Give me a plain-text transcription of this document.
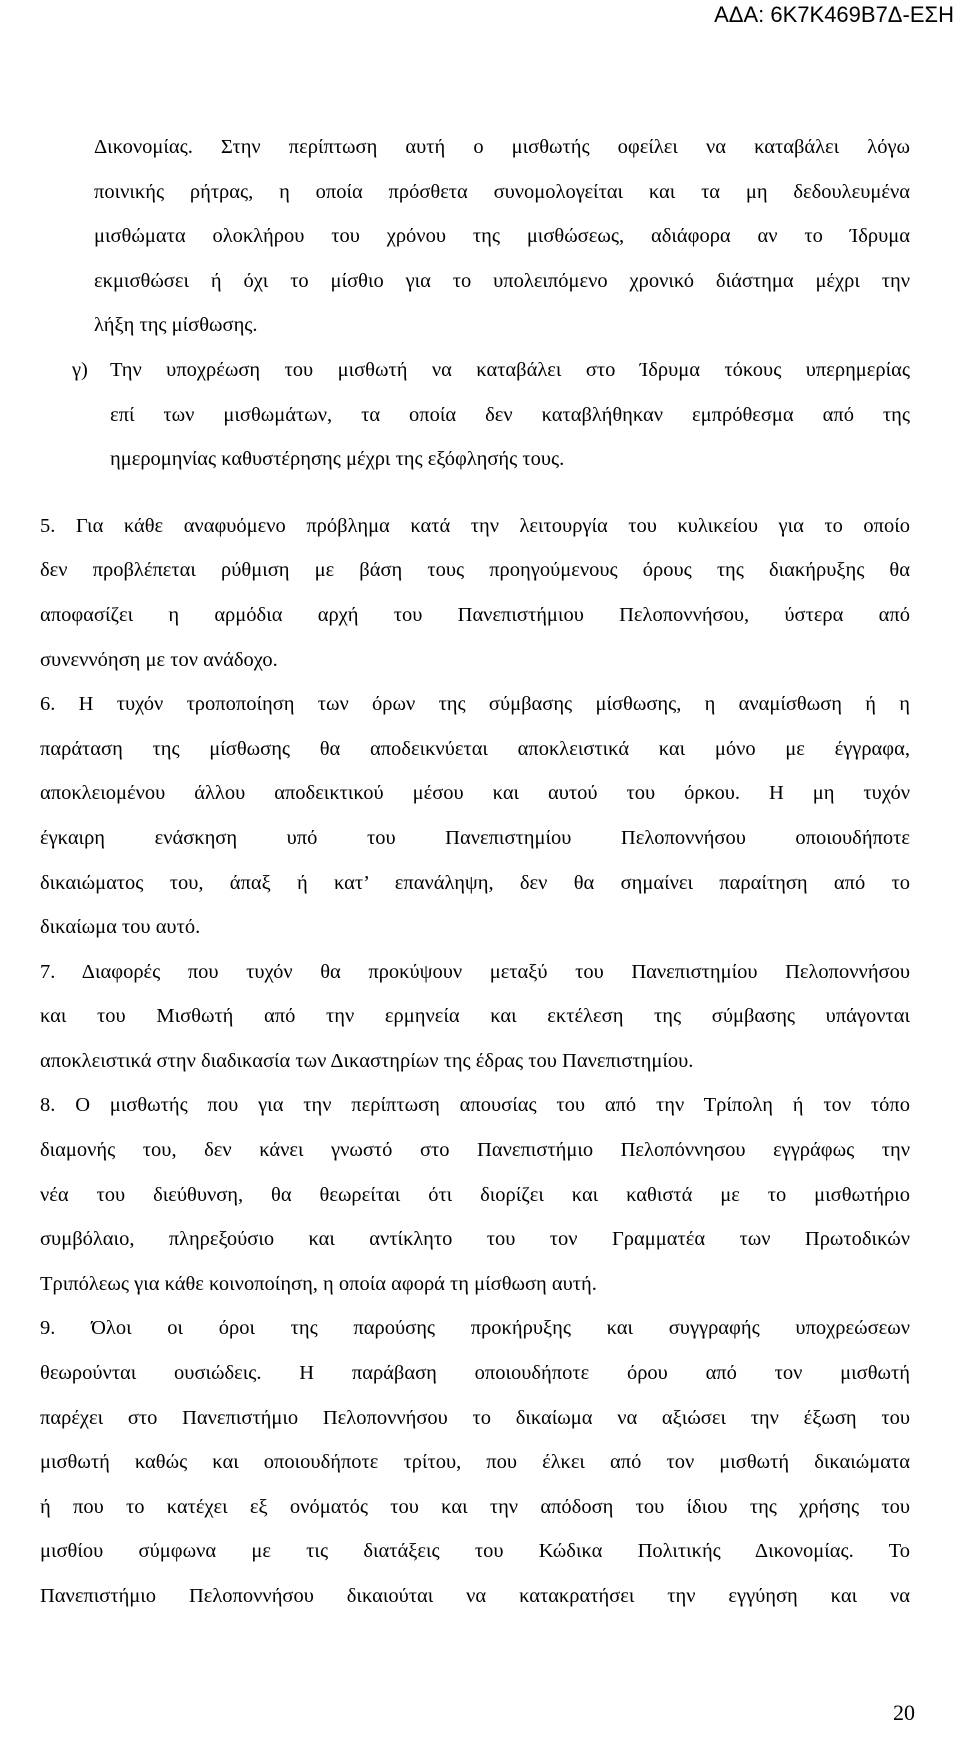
ΑΔΑ: 6Κ7Κ469Β7Δ-ΕΣΗ
Δικονομίας. Στην περίπτωση αυτή ο μισθωτής οφείλει να καταβάλει λόγω
ποινικής ρήτρας, η οποία πρόσθετα συνομολογείται και τα μη δεδουλευμένα
μισθώματα ολοκλήρου του χρόνου της μισθώσεως, αδιάφορα αν το Ίδρυμα
εκμισθώσει ή όχι το μίσθιο για το υπολειπόμενο χρονικό διάστημα μέχρι την
λήξη της μίσθωσης.
γ) Την υποχρέωση του μισθωτή να καταβάλει στο Ίδρυμα τόκους υπερημερίας
επί των μισθωμάτων, τα οποία δεν καταβλήθηκαν εμπρόθεσμα από της
ημερομηνίας καθυστέρησης μέχρι της εξόφλησής τους.
5. Για κάθε αναφυόμενο πρόβλημα κατά την λειτουργία του κυλικείου για το οποίο
δεν προβλέπεται ρύθμιση με βάση τους προηγούμενους όρους της διακήρυξης θα
αποφασίζει η αρμόδια αρχή του Πανεπιστήμιου Πελοποννήσου, ύστερα από
συνεννόηση με τον ανάδοχο.
6. Η τυχόν τροποποίηση των όρων της σύμβασης μίσθωσης, η αναμίσθωση ή η
παράταση της μίσθωσης θα αποδεικνύεται αποκλειστικά και μόνο με έγγραφα,
αποκλειομένου άλλου αποδεικτικού μέσου και αυτού του όρκου. Η μη τυχόν
έγκαιρη ενάσκηση υπό του Πανεπιστημίου Πελοποννήσου οποιουδήποτε
δικαιώματος του, άπαξ ή κατ’ επανάληψη, δεν θα σημαίνει παραίτηση από το
δικαίωμα του αυτό.
7. Διαφορές που τυχόν θα προκύψουν μεταξύ του Πανεπιστημίου Πελοποννήσου
και του Μισθωτή από την ερμηνεία και εκτέλεση της σύμβασης υπάγονται
αποκλειστικά στην διαδικασία των Δικαστηρίων της έδρας του Πανεπιστημίου.
8. Ο μισθωτής που για την περίπτωση απουσίας του από την Τρίπολη ή τον τόπο
διαμονής του, δεν κάνει γνωστό στο Πανεπιστήμιο Πελοπόννησου εγγράφως την
νέα του διεύθυνση, θα θεωρείται ότι διορίζει και καθιστά με το μισθωτήριο
συμβόλαιο, πληρεξούσιο και αντίκλητο του τον Γραμματέα των Πρωτοδικών
Τριπόλεως για κάθε κοινοποίηση, η οποία αφορά τη μίσθωση αυτή.
9. Όλοι οι όροι της παρούσης προκήρυξης και συγγραφής υποχρεώσεων
θεωρούνται ουσιώδεις. Η παράβαση οποιουδήποτε όρου από τον μισθωτή
παρέχει στο Πανεπιστήμιο Πελοποννήσου το δικαίωμα να αξιώσει την έξωση του
μισθωτή καθώς και οποιουδήποτε τρίτου, που έλκει από τον μισθωτή δικαιώματα
ή που το κατέχει εξ ονόματός του και την απόδοση του ίδιου της χρήσης του
μισθίου σύμφωνα με τις διατάξεις του Κώδικα Πολιτικής Δικονομίας. Το
Πανεπιστήμιο Πελοποννήσου δικαιούται να κατακρατήσει την εγγύηση και να
20
